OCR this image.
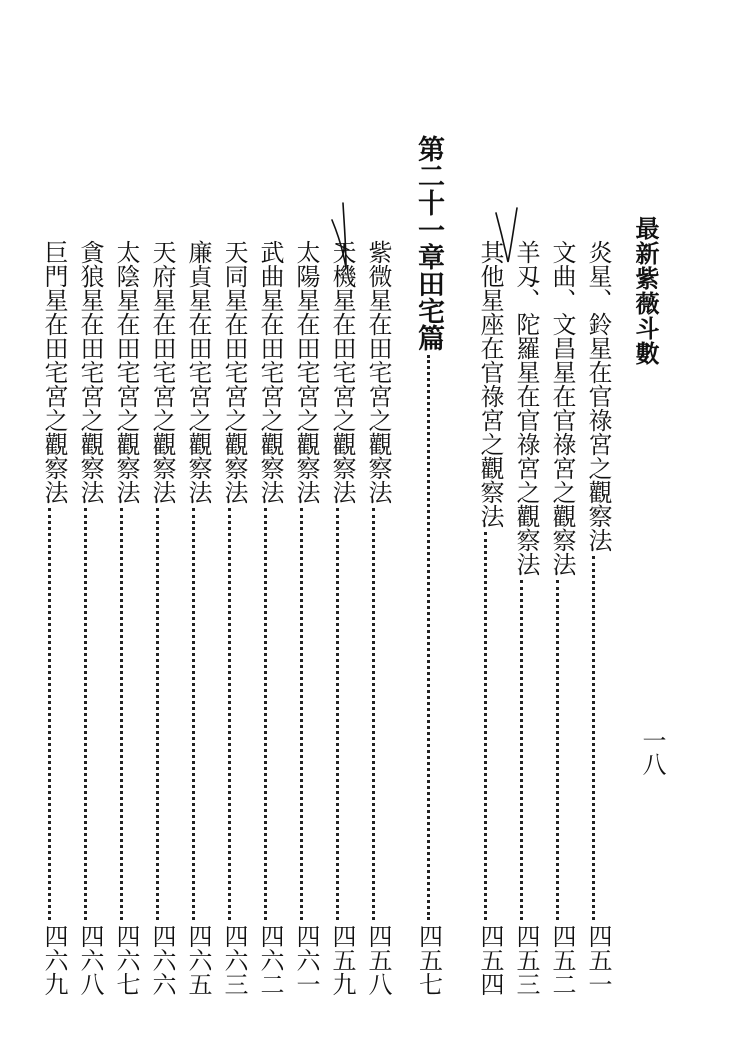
最新紫薇斗數
一八
炎星、鈴星在官祿宮之觀察法
四五一
文曲、文昌星在官祿宮之觀察法
四五二
羊刄、陀羅星在官祿宮之觀察法
四五三
其他星座在官祿宮之觀察法
四五四
第二十一章
田宅篇
四五七
紫微星在田宅宮之觀察法
四五八
天機星在田宅宮之觀察法
四五九
太陽星在田宅宮之觀察法
四六一
武曲星在田宅宮之觀察法
四六二
天同星在田宅宮之觀察法
四六三
廉貞星在田宅宮之觀察法
四六五
天府星在田宅宮之觀察法
四六六
太陰星在田宅宮之觀察法
四六七
貪狼星在田宅宮之觀察法
四六八
巨門星在田宅宮之觀察法
四六九
